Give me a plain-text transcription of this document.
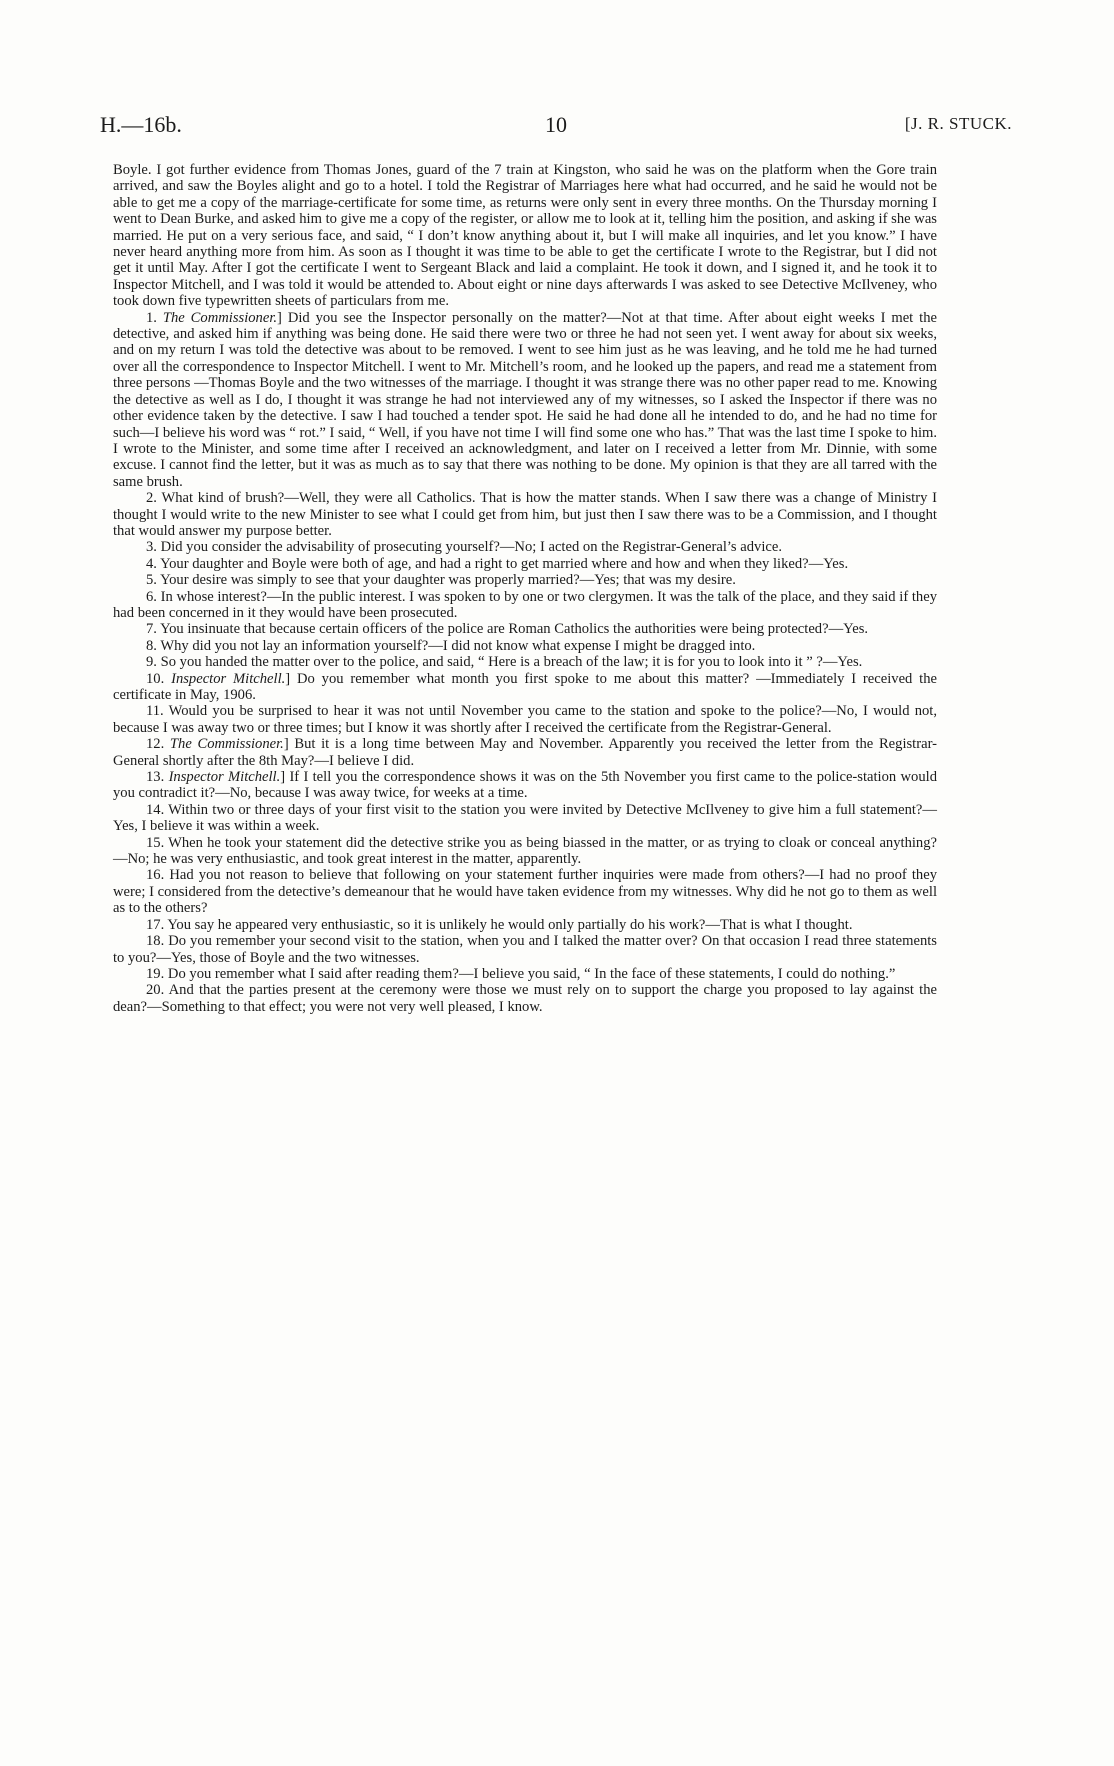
H.—16b.	10	[J. R. STUCK.

Boyle. I got further evidence from Thomas Jones, guard of the 7 train at Kingston, who said he was on the platform when the Gore train arrived, and saw the Boyles alight and go to a hotel. I told the Registrar of Marriages here what had occurred, and he said he would not be able to get me a copy of the marriage-certificate for some time, as returns were only sent in every three months. On the Thursday morning I went to Dean Burke, and asked him to give me a copy of the register, or allow me to look at it, telling him the position, and asking if she was married. He put on a very serious face, and said, “ I don’t know anything about it, but I will make all inquiries, and let you know.” I have never heard anything more from him. As soon as I thought it was time to be able to get the certificate I wrote to the Registrar, but I did not get it until May. After I got the certificate I went to Sergeant Black and laid a complaint. He took it down, and I signed it, and he took it to Inspector Mitchell, and I was told it would be attended to. About eight or nine days afterwards I was asked to see Detective McIlveney, who took down five typewritten sheets of particulars from me.

1. The Commissioner.] Did you see the Inspector personally on the matter?—Not at that time. After about eight weeks I met the detective, and asked him if anything was being done. He said there were two or three he had not seen yet. I went away for about six weeks, and on my return I was told the detective was about to be removed. I went to see him just as he was leaving, and he told me he had turned over all the correspondence to Inspector Mitchell. I went to Mr. Mitchell’s room, and he looked up the papers, and read me a statement from three persons —Thomas Boyle and the two witnesses of the marriage. I thought it was strange there was no other paper read to me. Knowing the detective as well as I do, I thought it was strange he had not interviewed any of my witnesses, so I asked the Inspector if there was no other evidence taken by the detective. I saw I had touched a tender spot. He said he had done all he intended to do, and he had no time for such—I believe his word was “ rot.” I said, “ Well, if you have not time I will find some one who has.” That was the last time I spoke to him. I wrote to the Minister, and some time after I received an acknowledgment, and later on I received a letter from Mr. Dinnie, with some excuse. I cannot find the letter, but it was as much as to say that there was nothing to be done. My opinion is that they are all tarred with the same brush.

2. What kind of brush?—Well, they were all Catholics. That is how the matter stands. When I saw there was a change of Ministry I thought I would write to the new Minister to see what I could get from him, but just then I saw there was to be a Commission, and I thought that would answer my purpose better.

3. Did you consider the advisability of prosecuting yourself?—No; I acted on the Registrar-General’s advice.

4. Your daughter and Boyle were both of age, and had a right to get married where and how and when they liked?—Yes.

5. Your desire was simply to see that your daughter was properly married?—Yes; that was my desire.

6. In whose interest?—In the public interest. I was spoken to by one or two clergymen. It was the talk of the place, and they said if they had been concerned in it they would have been prosecuted.

7. You insinuate that because certain officers of the police are Roman Catholics the authorities were being protected?—Yes.

8. Why did you not lay an information yourself?—I did not know what expense I might be dragged into.

9. So you handed the matter over to the police, and said, “ Here is a breach of the law; it is for you to look into it ” ?—Yes.

10. Inspector Mitchell.] Do you remember what month you first spoke to me about this matter? —Immediately I received the certificate in May, 1906.

11. Would you be surprised to hear it was not until November you came to the station and spoke to the police?—No, I would not, because I was away two or three times; but I know it was shortly after I received the certificate from the Registrar-General.

12. The Commissioner.] But it is a long time between May and November. Apparently you received the letter from the Registrar-General shortly after the 8th May?—I believe I did.

13. Inspector Mitchell.] If I tell you the correspondence shows it was on the 5th November you first came to the police-station would you contradict it?—No, because I was away twice, for weeks at a time.

14. Within two or three days of your first visit to the station you were invited by Detective McIlveney to give him a full statement?—Yes, I believe it was within a week.

15. When he took your statement did the detective strike you as being biassed in the matter, or as trying to cloak or conceal anything?—No; he was very enthusiastic, and took great interest in the matter, apparently.

16. Had you not reason to believe that following on your statement further inquiries were made from others?—I had no proof they were; I considered from the detective’s demeanour that he would have taken evidence from my witnesses. Why did he not go to them as well as to the others?

17. You say he appeared very enthusiastic, so it is unlikely he would only partially do his work?—That is what I thought.

18. Do you remember your second visit to the station, when you and I talked the matter over? On that occasion I read three statements to you?—Yes, those of Boyle and the two witnesses.

19. Do you remember what I said after reading them?—I believe you said, “ In the face of these statements, I could do nothing.”

20. And that the parties present at the ceremony were those we must rely on to support the charge you proposed to lay against the dean?—Something to that effect; you were not very well pleased, I know.
